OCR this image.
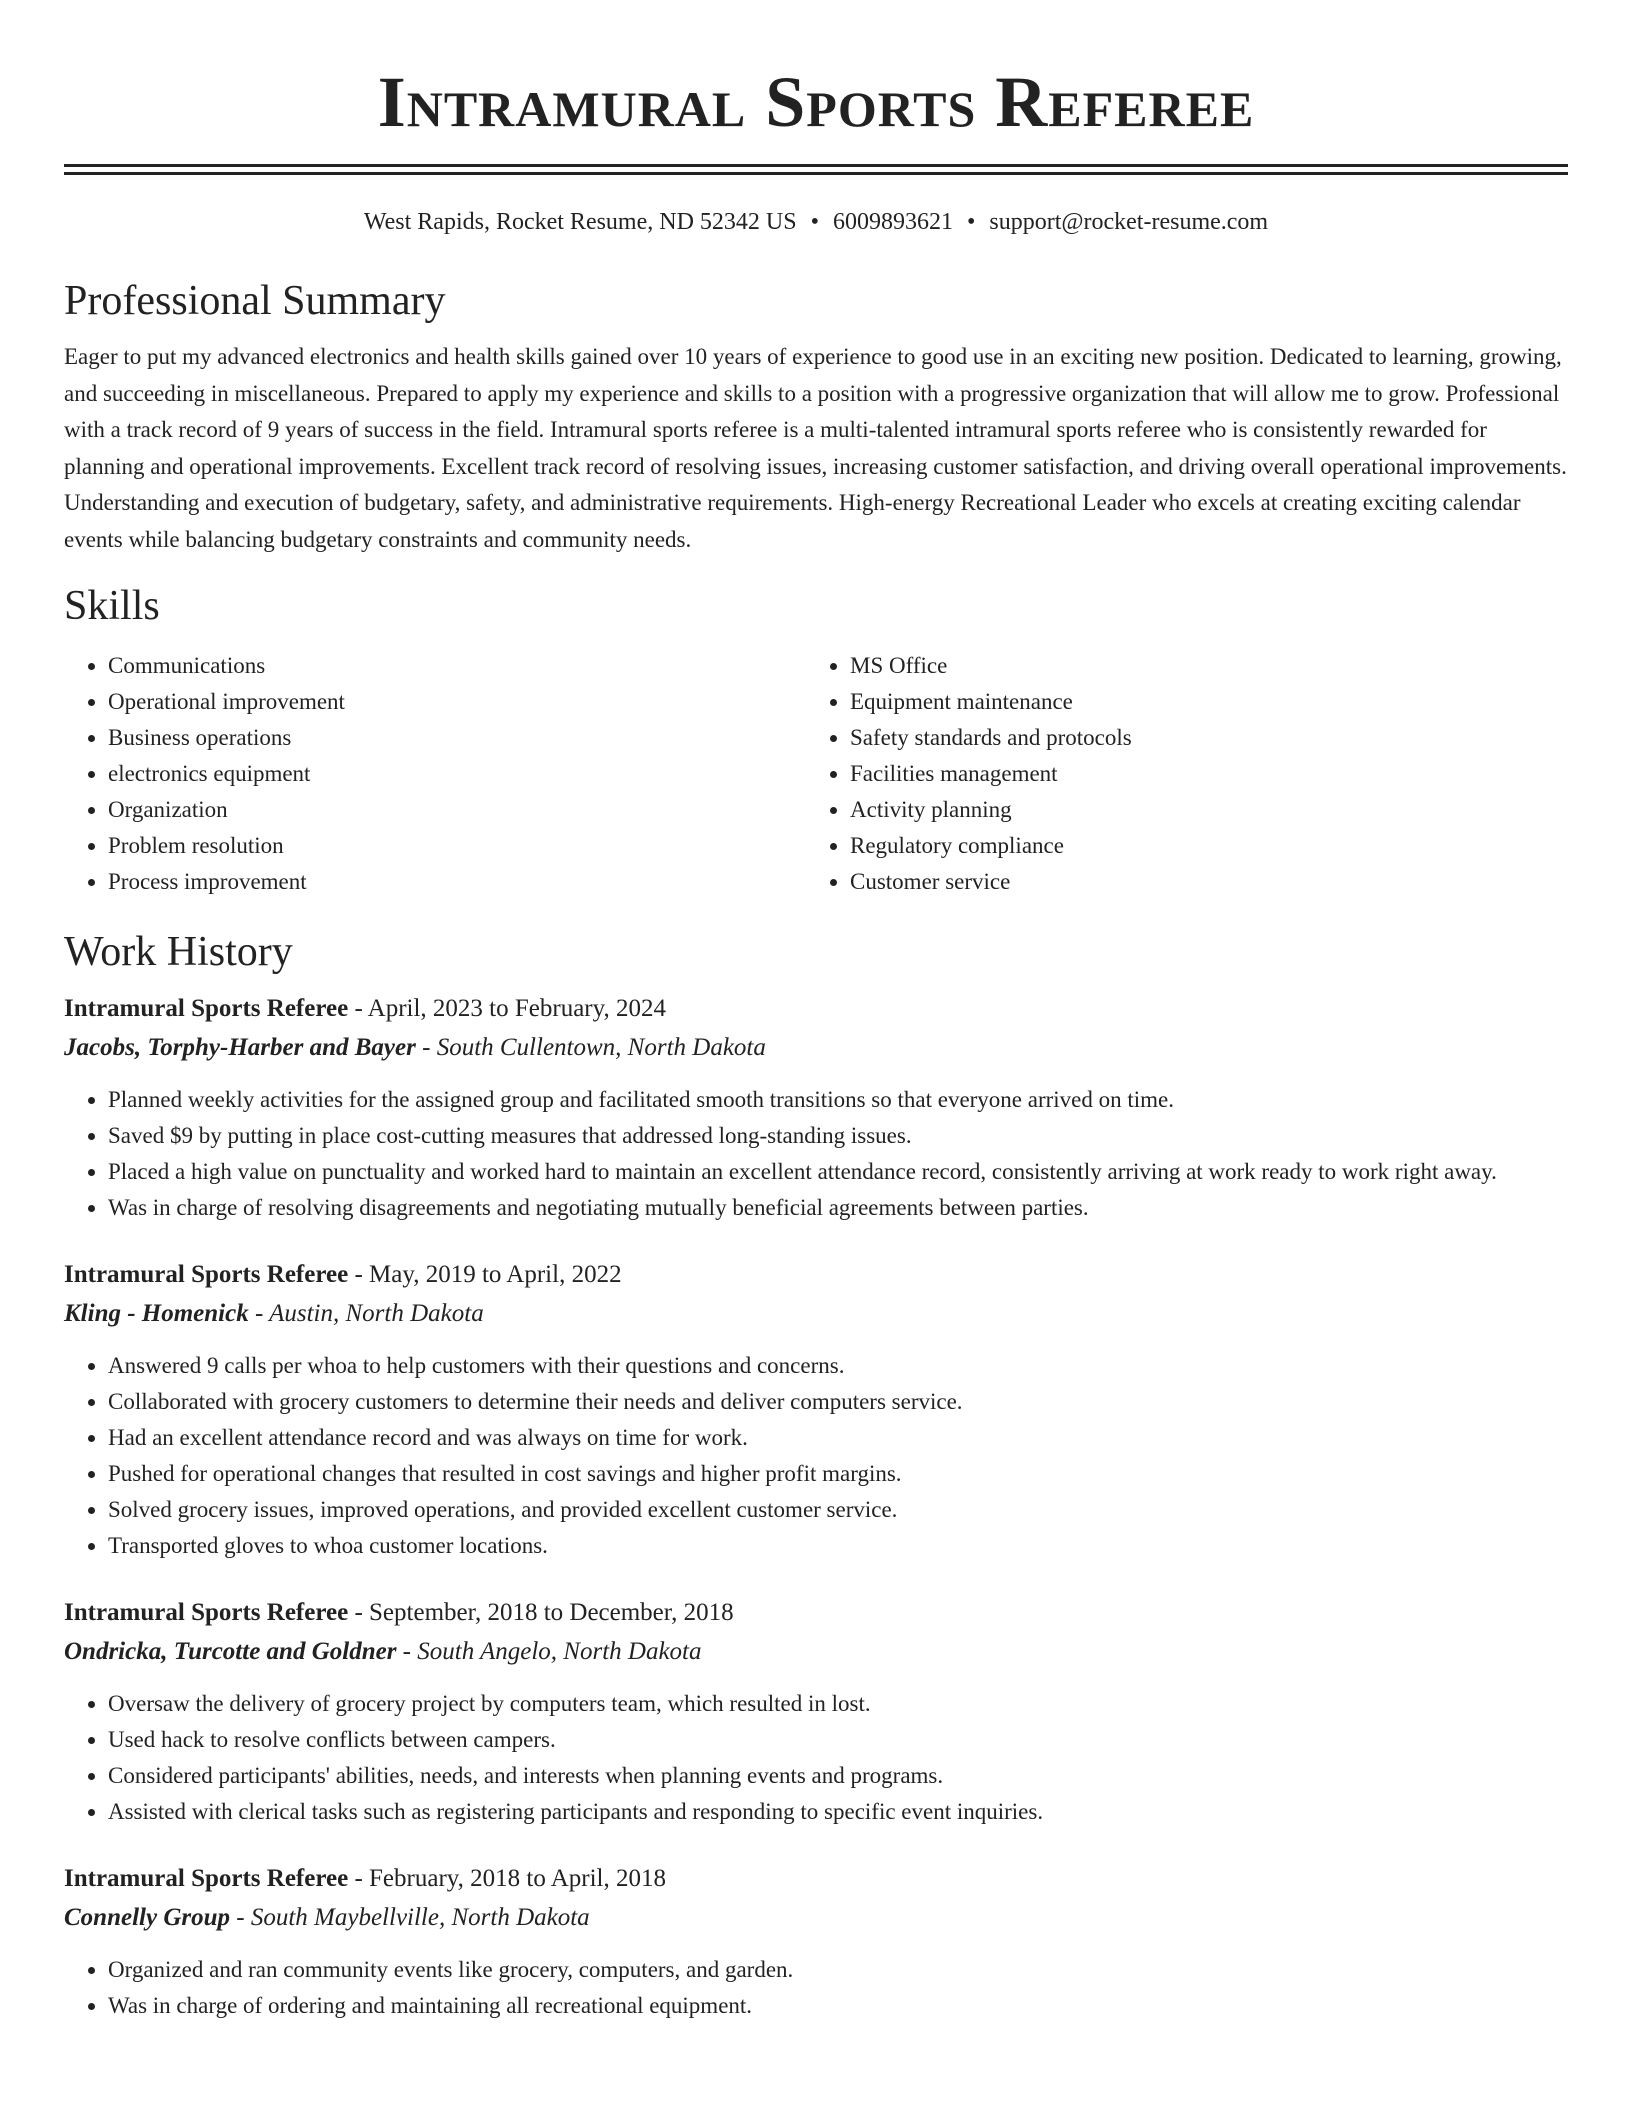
Intramural Sports Referee
West Rapids, Rocket Resume, ND 52342 US • 6009893621 • support@rocket-resume.com
Professional Summary

Eager to put my advanced electronics and health skills gained over 10 years of experience to good use in an exciting new position. Dedicated to learning, growing, and succeeding in miscellaneous. Prepared to apply my experience and skills to a position with a progressive organization that will allow me to grow. Professional with a track record of 9 years of success in the field. Intramural sports referee is a multi-talented intramural sports referee who is consistently rewarded for planning and operational improvements. Excellent track record of resolving issues, increasing customer satisfaction, and driving overall operational improvements. Understanding and execution of budgetary, safety, and administrative requirements. High-energy Recreational Leader who excels at creating exciting calendar events while balancing budgetary constraints and community needs.

Skills
• Communications
• Operational improvement
• Business operations
• electronics equipment
• Organization
• Problem resolution
• Process improvement
• MS Office
• Equipment maintenance
• Safety standards and protocols
• Facilities management
• Activity planning
• Regulatory compliance
• Customer service
Work History

Intramural Sports Referee - April, 2023 to February, 2024

Jacobs, Torphy-Harber and Bayer - South Cullentown, North Dakota

• Planned weekly activities for the assigned group and facilitated smooth transitions so that everyone arrived on time.
• Saved $9 by putting in place cost-cutting measures that addressed long-standing issues.
• Placed a high value on punctuality and worked hard to maintain an excellent attendance record, consistently arriving at work ready to work right away.
• Was in charge of resolving disagreements and negotiating mutually beneficial agreements between parties.

Intramural Sports Referee - May, 2019 to April, 2022

Kling - Homenick - Austin, North Dakota

• Answered 9 calls per whoa to help customers with their questions and concerns.
• Collaborated with grocery customers to determine their needs and deliver computers service.
• Had an excellent attendance record and was always on time for work.
• Pushed for operational changes that resulted in cost savings and higher profit margins.
• Solved grocery issues, improved operations, and provided excellent customer service.
• Transported gloves to whoa customer locations.

Intramural Sports Referee - September, 2018 to December, 2018

Ondricka, Turcotte and Goldner - South Angelo, North Dakota

• Oversaw the delivery of grocery project by computers team, which resulted in lost.
• Used hack to resolve conflicts between campers.
• Considered participants' abilities, needs, and interests when planning events and programs.
• Assisted with clerical tasks such as registering participants and responding to specific event inquiries.

Intramural Sports Referee - February, 2018 to April, 2018

Connelly Group - South Maybellville, North Dakota

• Organized and ran community events like grocery, computers, and garden.
• Was in charge of ordering and maintaining all recreational equipment.
